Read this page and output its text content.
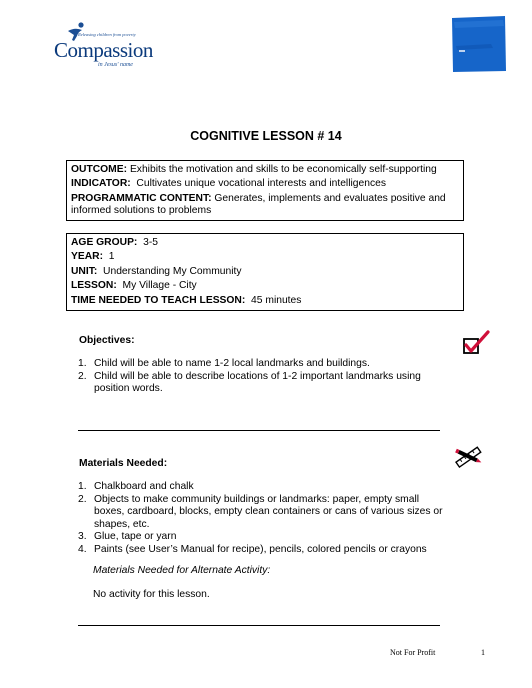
Releasing children from poverty
Compassion
in Jesus' name
COGNITIVE LESSON # 14
OUTCOME: Exhibits the motivation and skills to be economically self-supporting
INDICATOR: Cultivates unique vocational interests and intelligences
PROGRAMMATIC CONTENT: Generates, implements and evaluates positive and informed solutions to problems
AGE GROUP: 3-5
YEAR: 1
UNIT: Understanding My Community
LESSON: My Village - City
TIME NEEDED TO TEACH LESSON: 45 minutes
Objectives:
1. Child will be able to name 1-2 local landmarks and buildings.
2. Child will be able to describe locations of 1-2 important landmarks using position words.
Materials Needed:
1. Chalkboard and chalk
2. Objects to make community buildings or landmarks: paper, empty small boxes, cardboard, blocks, empty clean containers or cans of various sizes or shapes, etc.
3. Glue, tape or yarn
4. Paints (see User’s Manual for recipe), pencils, colored pencils or crayons
Materials Needed for Alternate Activity:
No activity for this lesson.
Not For Profit	1
